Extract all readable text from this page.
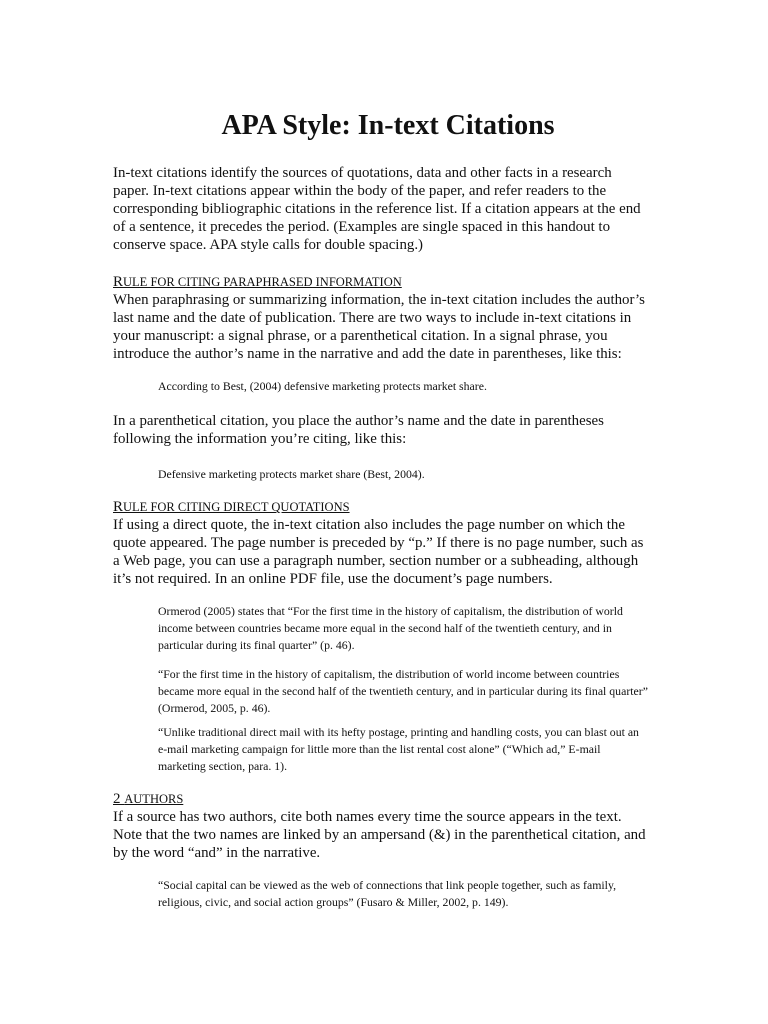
APA Style: In-text Citations

In-text citations identify the sources of quotations, data and other facts in a research paper. In-text citations appear within the body of the paper, and refer readers to the corresponding bibliographic citations in the reference list. If a citation appears at the end of a sentence, it precedes the period. (Examples are single spaced in this handout to conserve space. APA style calls for double spacing.)

RULE FOR CITING PARAPHRASED INFORMATION

When paraphrasing or summarizing information, the in-text citation includes the author’s last name and the date of publication. There are two ways to include in-text citations in your manuscript: a signal phrase, or a parenthetical citation. In a signal phrase, you introduce the author’s name in the narrative and add the date in parentheses, like this:

According to Best, (2004) defensive marketing protects market share.

In a parenthetical citation, you place the author’s name and the date in parentheses following the information you’re citing, like this:

Defensive marketing protects market share (Best, 2004).

RULE FOR CITING DIRECT QUOTATIONS

If using a direct quote, the in-text citation also includes the page number on which the quote appeared. The page number is preceded by “p.” If there is no page number, such as a Web page, you can use a paragraph number, section number or a subheading, although it’s not required. In an online PDF file, use the document’s page numbers.

Ormerod (2005) states that “For the first time in the history of capitalism, the distribution of world income between countries became more equal in the second half of the twentieth century, and in particular during its final quarter” (p. 46).

“For the first time in the history of capitalism, the distribution of world income between countries became more equal in the second half of the twentieth century, and in particular during its final quarter” (Ormerod, 2005, p. 46).

“Unlike traditional direct mail with its hefty postage, printing and handling costs, you can blast out an e-mail marketing campaign for little more than the list rental cost alone” (“Which ad,” E-mail marketing section, para. 1).

2 AUTHORS

If a source has two authors, cite both names every time the source appears in the text. Note that the two names are linked by an ampersand (&) in the parenthetical citation, and by the word “and” in the narrative.

“Social capital can be viewed as the web of connections that link people together, such as family, religious, civic, and social action groups” (Fusaro & Miller, 2002, p. 149).
